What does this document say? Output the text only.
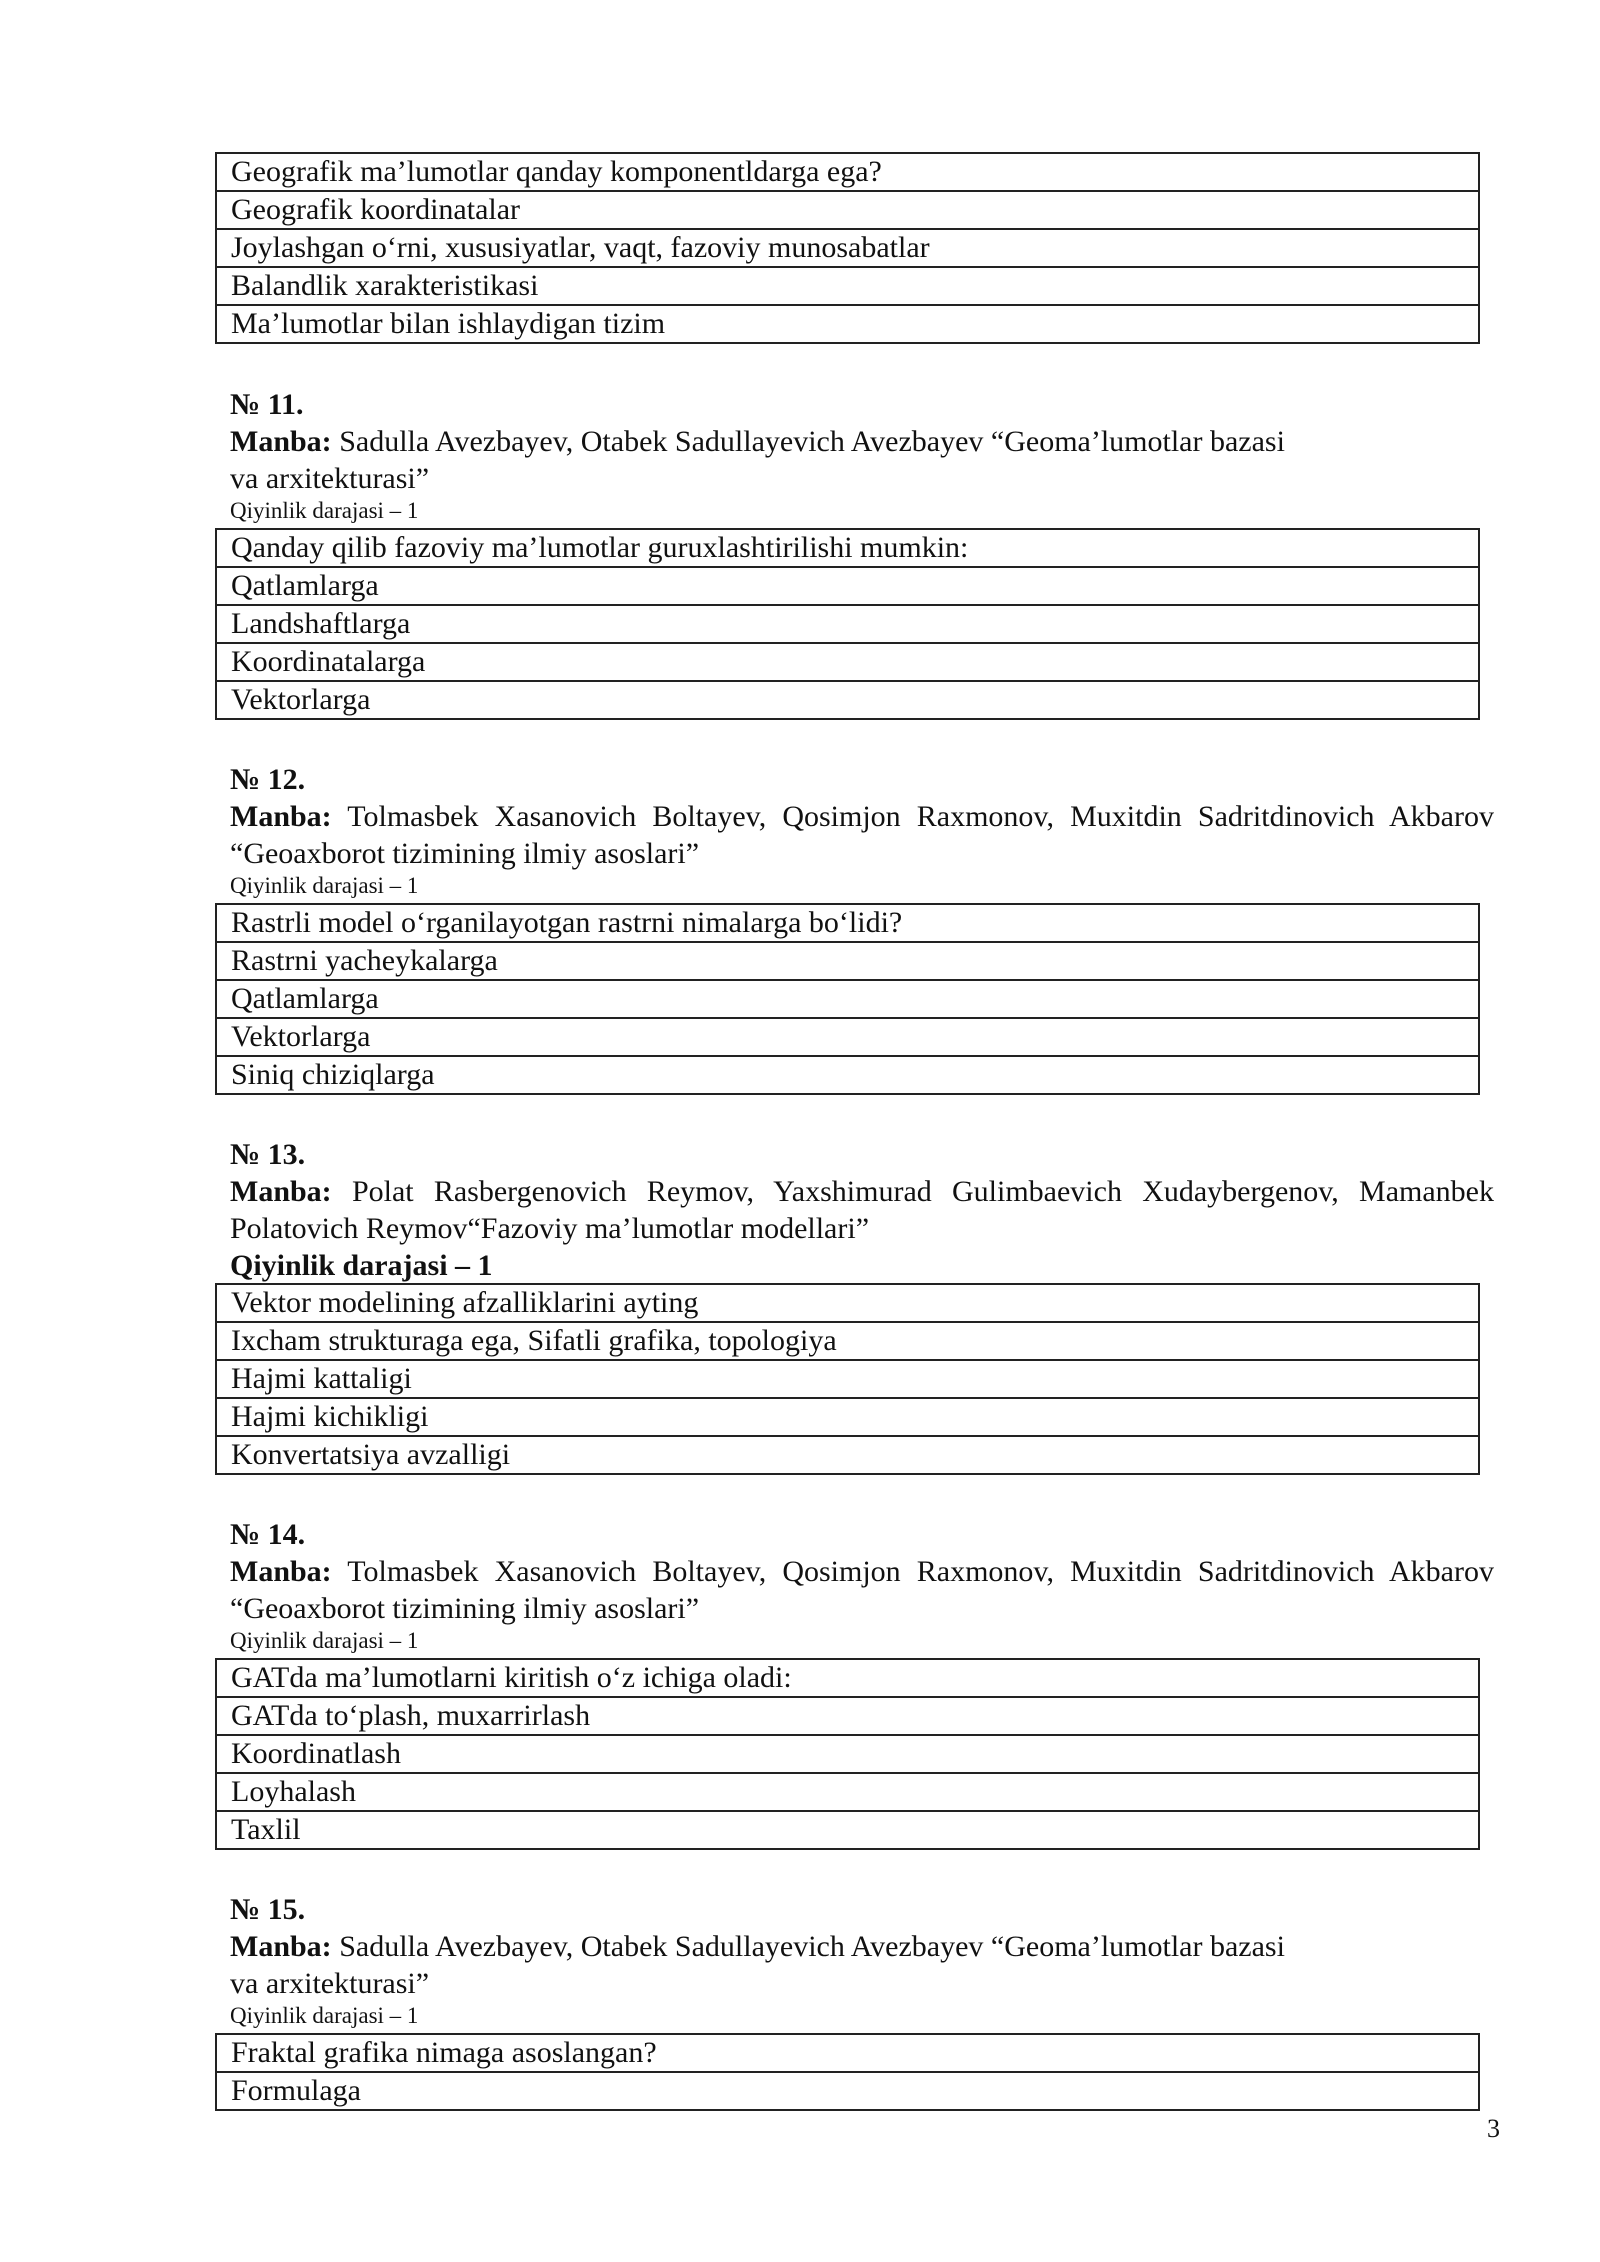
Geografik ma’lumotlar qanday komponentldarga ega?
Geografik koordinatalar
Joylashgan o‘rni, xususiyatlar, vaqt, fazoviy munosabatlar
Balandlik xarakteristikasi
Ma’lumotlar bilan ishlaydigan tizim
№ 11.
Manba: Sadulla Avezbayev, Otabek Sadullayevich Avezbayev “Geoma’lumotlar bazasi
va arxitekturasi”
Qiyinlik darajasi – 1
Qanday qilib fazoviy ma’lumotlar guruxlashtirilishi mumkin:
Qatlamlarga
Landshaftlarga
Koordinatalarga
Vektorlarga
№ 12.
Manba: Tolmasbek Xasanovich Boltayev, Qosimjon Raxmonov, Muxitdin Sadritdinovich Akbarov “Geoaxborot tizimining ilmiy asoslari”
Qiyinlik darajasi – 1
Rastrli model o‘rganilayotgan rastrni nimalarga bo‘lidi?
Rastrni yacheykalarga
Qatlamlarga
Vektorlarga
Siniq chiziqlarga
№ 13.
Manba: Polat Rasbergenovich Reymov, Yaxshimurad Gulimbaevich Xudaybergenov, Mamanbek Polatovich Reymov“Fazoviy ma’lumotlar modellari”
Qiyinlik darajasi – 1
Vektor modelining afzalliklarini ayting
Ixcham strukturaga ega, Sifatli grafika, topologiya
Hajmi kattaligi
Hajmi kichikligi
Konvertatsiya avzalligi
№ 14.
Manba: Tolmasbek Xasanovich Boltayev, Qosimjon Raxmonov, Muxitdin Sadritdinovich Akbarov “Geoaxborot tizimining ilmiy asoslari”
Qiyinlik darajasi – 1
GATda ma’lumotlarni kiritish o‘z ichiga oladi:
GATda to‘plash, muxarrirlash
Koordinatlash
Loyhalash
Taxlil
№ 15.
Manba: Sadulla Avezbayev, Otabek Sadullayevich Avezbayev “Geoma’lumotlar bazasi
va arxitekturasi”
Qiyinlik darajasi – 1
Fraktal grafika nimaga asoslangan?
Formulaga
3
